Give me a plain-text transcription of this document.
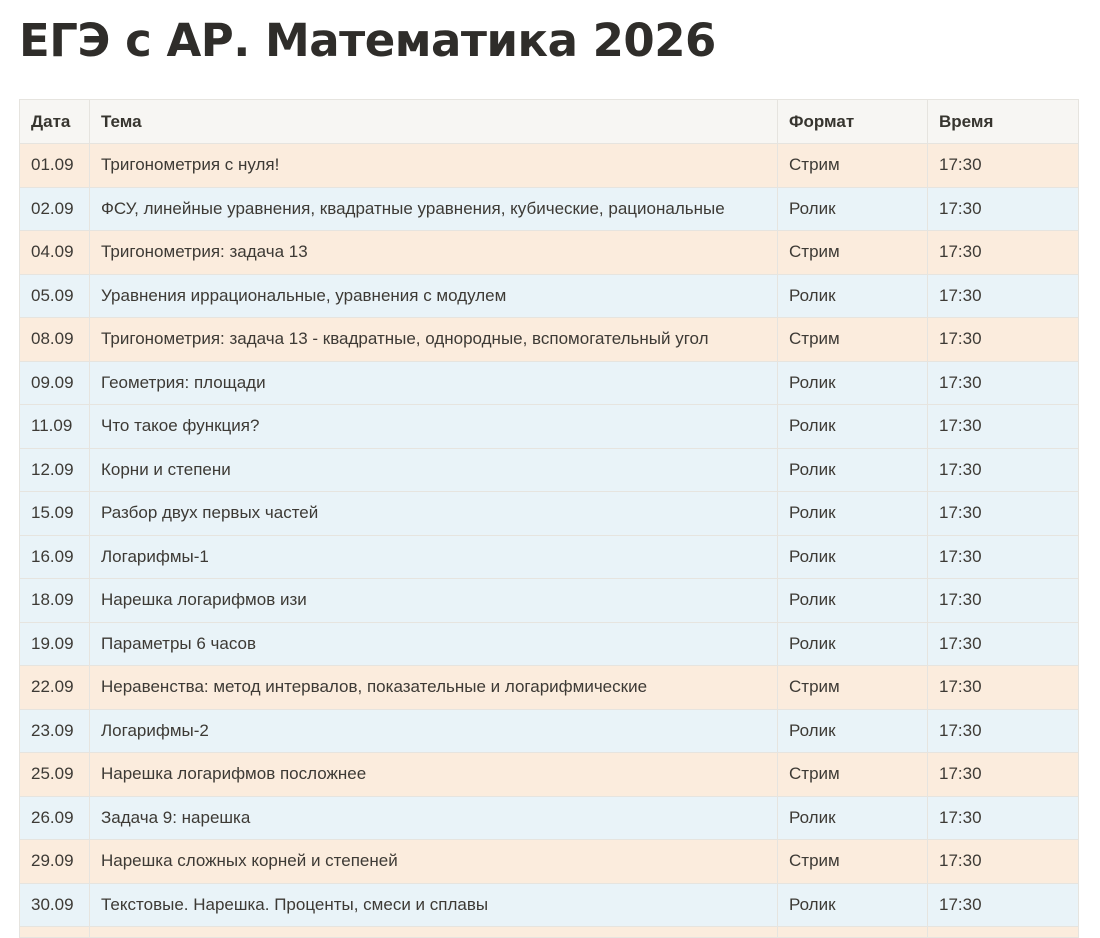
ЕГЭ с АР. Математика 2026
Дата	Тема	Формат	Время
01.09	Тригонометрия с нуля!	Стрим	17:30
02.09	ФСУ, линейные уравнения, квадратные уравнения, кубические, рациональные	Ролик	17:30
04.09	Тригонометрия: задача 13	Стрим	17:30
05.09	Уравнения иррациональные, уравнения с модулем	Ролик	17:30
08.09	Тригонометрия: задача 13 - квадратные, однородные, вспомогательный угол	Стрим	17:30
09.09	Геометрия: площади	Ролик	17:30
11.09	Что такое функция?	Ролик	17:30
12.09	Корни и степени	Ролик	17:30
15.09	Разбор двух первых частей	Ролик	17:30
16.09	Логарифмы-1	Ролик	17:30
18.09	Нарешка логарифмов изи	Ролик	17:30
19.09	Параметры 6 часов	Ролик	17:30
22.09	Неравенства: метод интервалов, показательные и логарифмические	Стрим	17:30
23.09	Логарифмы-2	Ролик	17:30
25.09	Нарешка логарифмов посложнее	Стрим	17:30
26.09	Задача 9: нарешка	Ролик	17:30
29.09	Нарешка сложных корней и степеней	Стрим	17:30
30.09	Текстовые. Нарешка. Проценты, смеси и сплавы	Ролик	17:30
